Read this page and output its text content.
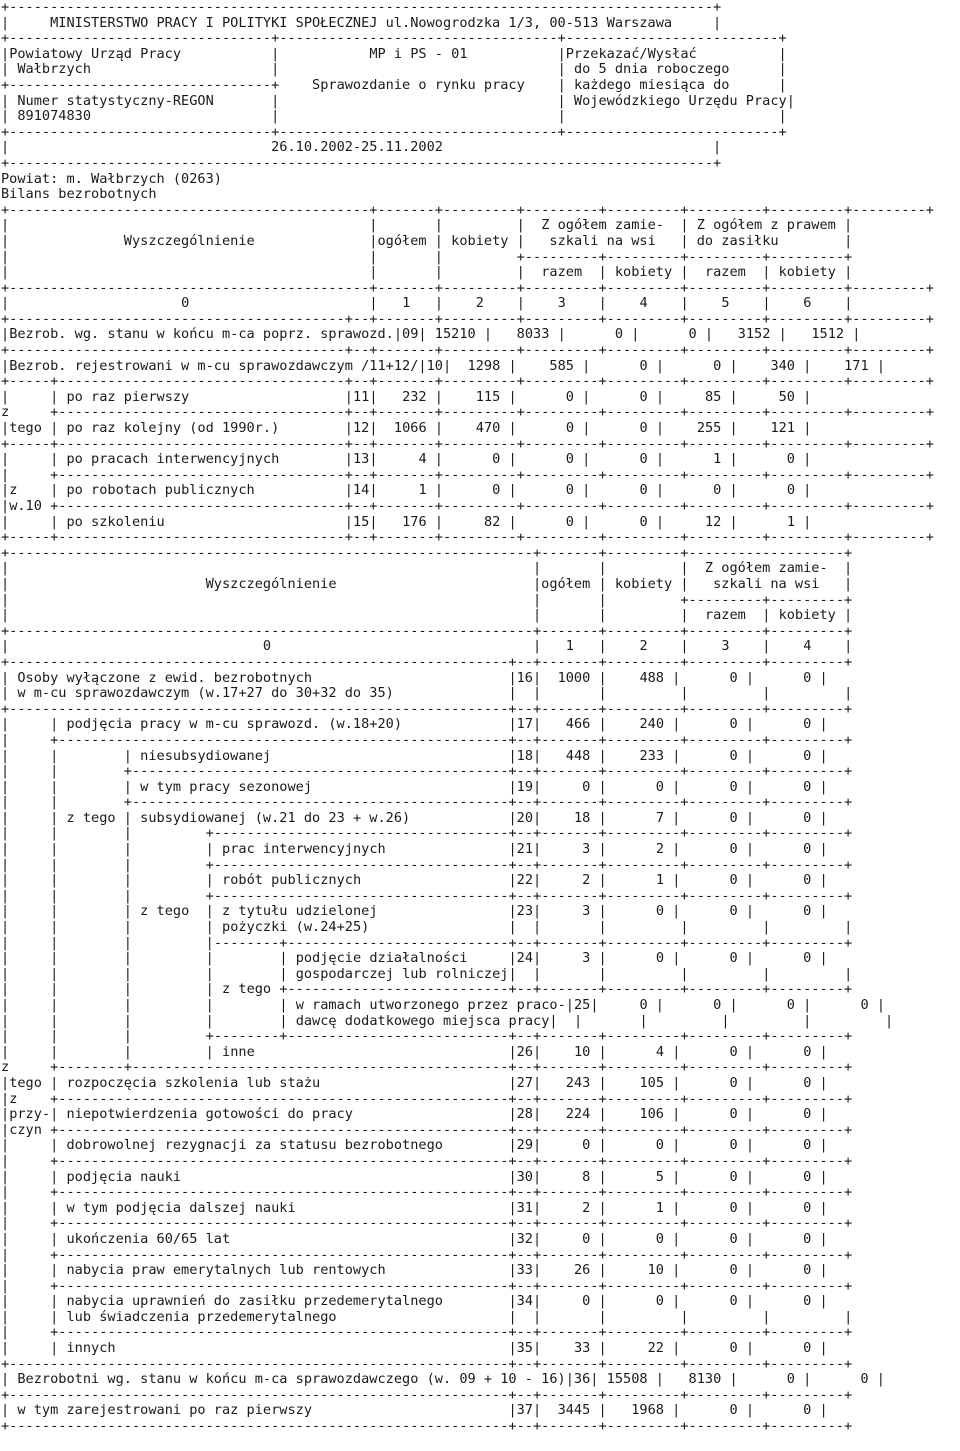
+--------------------------------------------------------------------------------------+
|	MINISTERSTWO PRACY I POLITYKI SPOŁECZNEJ ul.Nowogrodzka 1/3, 00-513 Warszawa	|
+--------------------------------+----------------------------------+--------------------------+
|Powiatowy Urząd Pracy	|	MP i PS - 01	|Przekazać/Wysłać	|
| Wałbrzych	|	| do 5 dnia roboczego	|
+--------------------------------+ Sprawozdanie o rynku pracy | każdego miesiąca do	|
| Numer statystyczny-REGON	|	| Wojewódzkiego Urzędu Pracy|
| 891074830	|	|	|
+--------------------------------+----------------------------------+--------------------------+
|	26.10.2002-25.11.2002	|
+--------------------------------------------------------------------------------------+
Powiat: m. Wałbrzych (0263)
Bilans bezrobotnych
+--------------------------------------------+-------+---------+---------+---------+---------+---------+---------+
|	|	|	| Z ogółem zamie- | Z ogółem z prawem |
|	Wyszczególnienie	|ogółem | kobiety | szkali na wsi | do zasiłku	|
|	|	|	+---------+---------+---------+---------+
|	|	|	| razem | kobiety | razem | kobiety |
+--------------------------------------------+-------+---------+---------+---------+---------+---------+---------+
|	0	| 1 | 2 | 3 | 4 | 5 | 6 |
+-----------------------------------------+--+-------+---------+---------+---------+---------+---------+---------+
|Bezrob. wg. stanu w końcu m-ca poprz. sprawozd.|09| 15210 | 8033 |	0 |	0 | 3152 | 1512 |
+-----------------------------------------+--+-------+---------+---------+---------+---------+---------+---------+
|Bezrob. rejestrowani w m-cu sprawozdawczym /11+12/|10| 1298 | 585 |	0 |	0 | 340 | 171 |
+-----+-----------------------------------+--+-------+---------+---------+---------+---------+---------+---------+
|	| po raz pierwszy	|11| 232 | 115 |	0 |	0 |	85 |	50 |
z	+-----------------------------------+--+-------+---------+---------+---------+---------+---------+---------+
|tego | po raz kolejny (od 1990r.)	|12| 1066 | 470 |	0 |	0 | 255 | 121 |
+-----+-----------------------------------+--+-------+---------+---------+---------+---------+---------+---------+
|	| po pracach interwencyjnych	|13|	4 |	0 |	0 |	0 |	1 |	0 |
|	+-----------------------------------+--+-------+---------+---------+---------+---------+---------+---------+
|z | po robotach publicznych	|14|	1 |	0 |	0 |	0 |	0 |	0 |
|w.10 +-----------------------------------+--+-------+---------+---------+---------+---------+---------+---------+
|	| po szkoleniu	|15| 176 |	82 |	0 |	0 |	12 |	1 |
+-----+-----------------------------------+--+-------+---------+---------+---------+---------+---------+---------+
+----------------------------------------------------------------+-------+---------+-------------------+
|	|	|	| Z ogółem zamie- |
|	Wyszczególnienie	|ogółem | kobiety | szkali na wsi |
|	|	|	+---------+---------+
|	|	|	| razem | kobiety |
+----------------------------------------------------------------+-------+---------+---------+---------+
|	0	| 1 | 2 | 3 | 4 |
+-------------------------------------------------------------+--+-------+---------+---------+---------+
| Osoby wyłączone z ewid. bezrobotnych	|16| 1000 | 488 |	0 |	0 |
| w m-cu sprawozdawczym (w.17+27 do 30+32 do 35)	| |	|	|	|	|
+-------------------------------------------------------------+--+-------+---------+---------+---------+
|	| podjęcia pracy w m-cu sprawozd. (w.18+20)	|17| 466 | 240 |	0 |	0 |
|	+-------------------------------------------------------+--+-------+---------+---------+---------+
|	|	| niesubsydiowanej	|18| 448 | 233 |	0 |	0 |
|	|	+----------------------------------------------+--+-------+---------+---------+---------+
|	|	| w tym pracy sezonowej	|19|	0 |	0 |	0 |	0 |
|	|	+----------------------------------------------+--+-------+---------+---------+---------+
|	| z tego | subsydiowanej (w.21 do 23 + w.26)	|20| 18 |	7 |	0 |	0 |
|	|	|	+------------------------------------+--+-------+---------+---------+---------+
|	|	|	| prac interwencyjnych	|21|	3 |	2 |	0 |	0 |
|	|	|	+------------------------------------+--+-------+---------+---------+---------+
|	|	|	| robót publicznych	|22|	2 |	1 |	0 |	0 |
|	|	|	+------------------------------------+--+-------+---------+---------+---------+
|	|	| z tego | z tytułu udzielonej	|23|	3 |	0 |	0 |	0 |
|	|	|	| pożyczki (w.24+25)	| |	|	|	|	|
|	|	|	|--------+---------------------------+--+-------+---------+---------+---------+
|	|	|	|	| podjęcie działalności	|24|	3 |	0 |	0 |	0 |
|	|	|	|	| gospodarczej lub rolniczej| |	|	|	|	|
|	|	|	| z tego +---------------------------+--+-------+---------+---------+---------+
|	|	|	|	| w ramach utworzonego przez praco-|25|	0 |	0 |	0 |	0 |
|	|	|	|	| dawcę dodatkowego miejsca pracy| |	|	|	|	|
|	|	|	+--------+---------------------------+--+-------+---------+---------+---------+
|	|	|	| inne	|26| 10 |	4 |	0 |	0 |
z	+--------+----------------------------------------------+--+-------+---------+---------+---------+
|tego | rozpoczęcia szkolenia lub stażu	|27| 243 | 105 |	0 |	0 |
|z +-------------------------------------------------------+--+-------+---------+---------+---------+
|przy-| niepotwierdzenia gotowości do pracy	|28| 224 | 106 |	0 |	0 |
|czyn +-------------------------------------------------------+--+-------+---------+---------+---------+
|	| dobrowolnej rezygnacji za statusu bezrobotnego	|29|	0 |	0 |	0 |	0 |
|	+-------------------------------------------------------+--+-------+---------+---------+---------+
|	| podjęcia nauki	|30|	8 |	5 |	0 |	0 |
|	+-------------------------------------------------------+--+-------+---------+---------+---------+
|	| w tym podjęcia dalszej nauki	|31|	2 |	1 |	0 |	0 |
|	+-------------------------------------------------------+--+-------+---------+---------+---------+
|	| ukończenia 60/65 lat	|32|	0 |	0 |	0 |	0 |
|	+-------------------------------------------------------+--+-------+---------+---------+---------+
|	| nabycia praw emerytalnych lub rentowych	|33| 26 |	10 |	0 |	0 |
|	+-------------------------------------------------------+--+-------+---------+---------+---------+
|	| nabycia uprawnień do zasiłku przedemerytalnego	|34|	0 |	0 |	0 |	0 |
|	| lub świadczenia przedemerytalnego	| |	|	|	|	|
|	+-------------------------------------------------------+--+-------+---------+---------+---------+
|	| innych	|35| 33 |	22 |	0 |	0 |
+-------------------------------------------------------------+--+-------+---------+---------+---------+
| Bezrobotni wg. stanu w końcu m-ca sprawozdawczego (w. 09 + 10 - 16)|36| 15508 | 8130 |	0 |	0 |
+-------------------------------------------------------------+--+-------+---------+---------+---------+
| w tym zarejestrowani po raz pierwszy	|37| 3445 | 1968 |	0 |	0 |
+-------------------------------------------------------------+--+-------+---------+---------+---------+
